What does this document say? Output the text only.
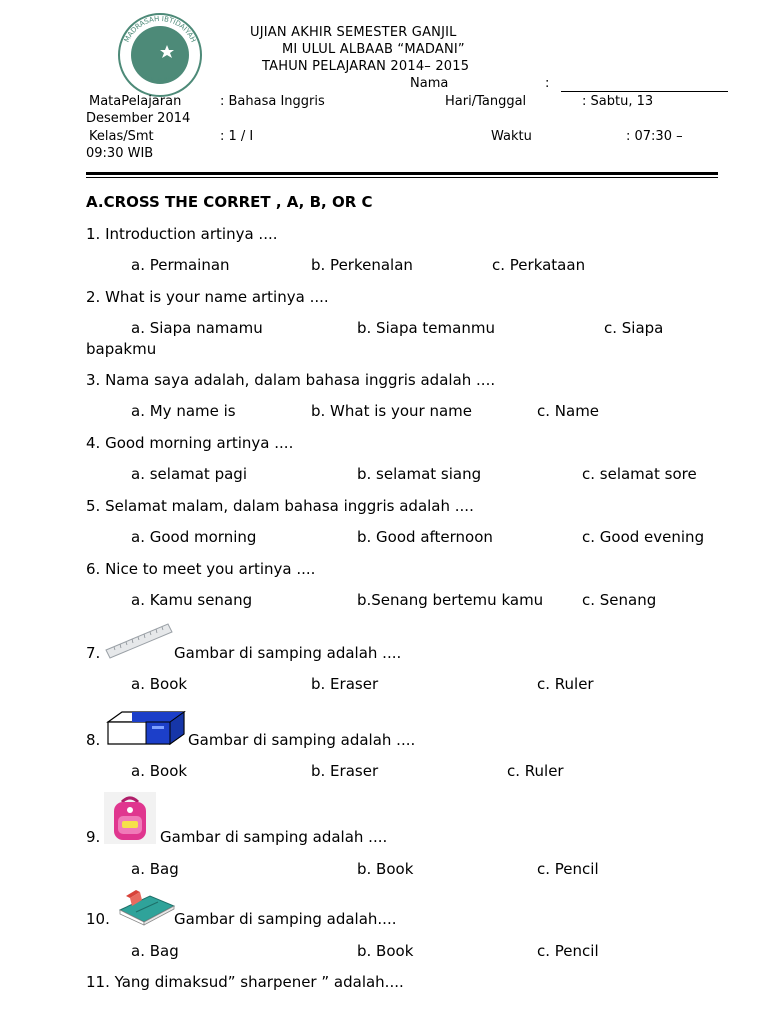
MADRASAH IBTIDAIYAH
ULUL ALBAAB
UJIAN AKHIR SEMESTER GANJIL
MI ULUL ALBAAB “MADANI”
TAHUN PELAJARAN 2014– 2015
Nama	:
MataPelajaran	: Bahasa Inggris	Hari/Tanggal	: Sabtu, 13
Desember 2014
Kelas/Smt	: 1 / I	Waktu	: 07:30 –
09:30 WIB
A.CROSS THE CORRET , A, B, OR C
1. Introduction artinya ....
a. Permainan	b. Perkenalan	c. Perkataan
2. What is your name artinya ....
a. Siapa namamu	b. Siapa temanmu	c. Siapa
bapakmu
3. Nama saya adalah, dalam bahasa inggris adalah ....
a. My name is	b. What is your name	c. Name
4. Good morning artinya ....
a. selamat pagi	b. selamat siang	c. selamat sore
5. Selamat malam, dalam bahasa inggris adalah ....
a. Good morning	b. Good afternoon	c. Good evening
6. Nice to meet you artinya ....
a. Kamu senang	b.Senang bertemu kamu	c. Senang
7.	Gambar di samping adalah ....
a. Book	b. Eraser	c. Ruler
8.	Gambar di samping adalah ....
a. Book	b. Eraser	c. Ruler
9.	Gambar di samping adalah ....
a. Bag	b. Book	c. Pencil
10.	Gambar di samping adalah....
a. Bag	b. Book	c. Pencil
11. Yang dimaksud” sharpener ” adalah....
